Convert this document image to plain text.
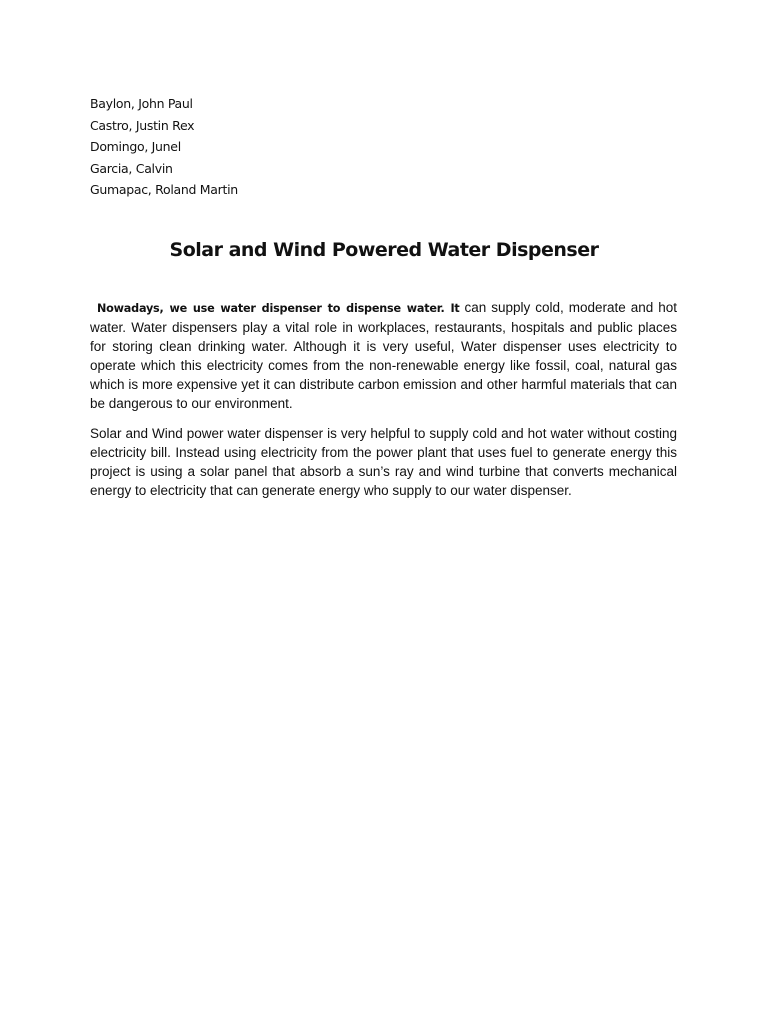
Baylon, John Paul
Castro, Justin Rex
Domingo, Junel
Garcia, Calvin
Gumapac, Roland Martin
Solar and Wind Powered Water Dispenser

Nowadays, we use water dispenser to dispense water. It can supply cold, moderate and hot water. Water dispensers play a vital role in workplaces, restaurants, hospitals and public places for storing clean drinking water. Although it is very useful, Water dispenser uses electricity to operate which this electricity comes from the non-renewable energy like fossil, coal, natural gas which is more expensive yet it can distribute carbon emission and other harmful materials that can be dangerous to our environment.

Solar and Wind power water dispenser is very helpful to supply cold and hot water without costing electricity bill. Instead using electricity from the power plant that uses fuel to generate energy this project is using a solar panel that absorb a sun’s ray and wind turbine that converts mechanical energy to electricity that can generate energy who supply to our water dispenser.
